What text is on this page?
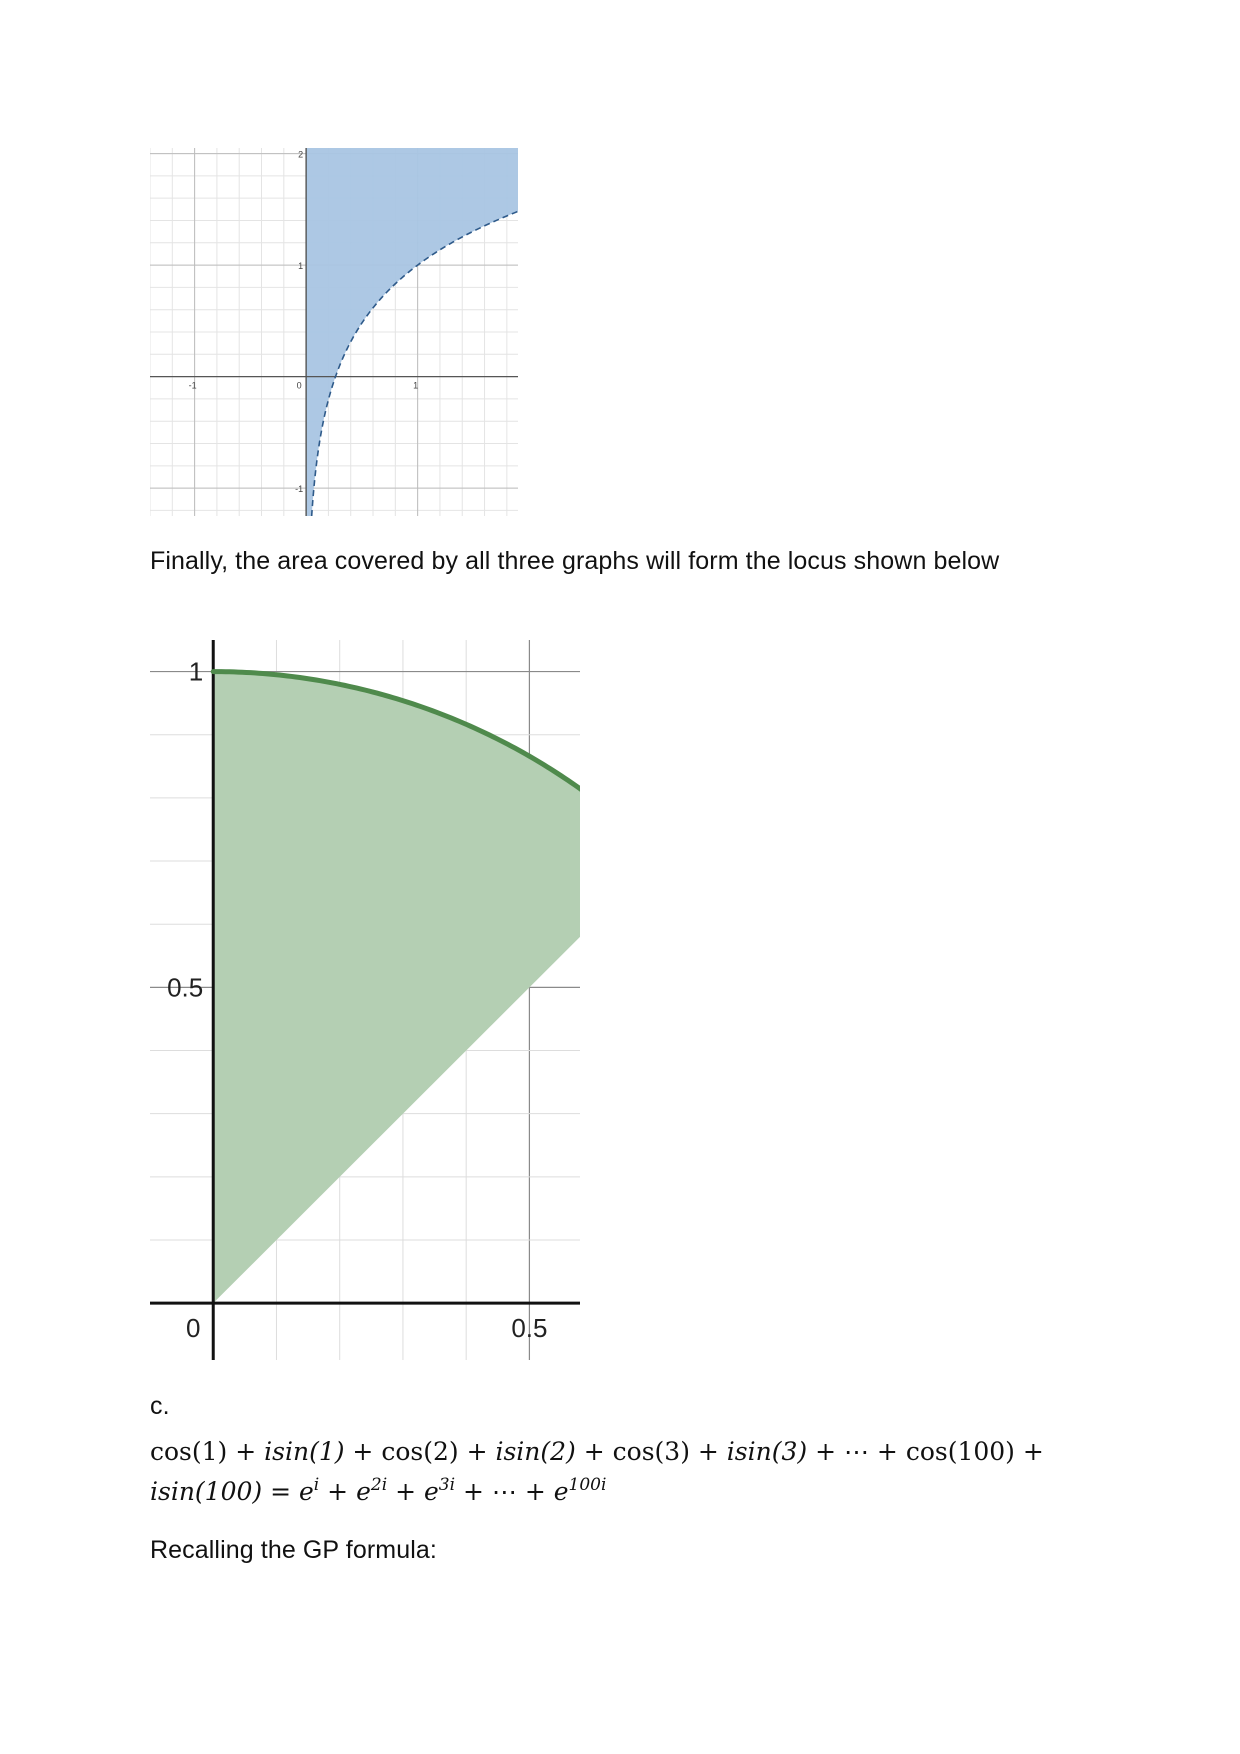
-1	0	1
-1
1
2

Finally, the area covered by all three graphs will form the locus shown below

0	0.5
0.5
1

c.

cos(1) + isin(1) + cos(2) + isin(2) + cos(3) + isin(3) + ⋯ + cos(100) +
$isin(100) = e^i + e^{2i} + e^{3i}$ + ⋯ + $e^{100i}$

Recalling the GP formula:
